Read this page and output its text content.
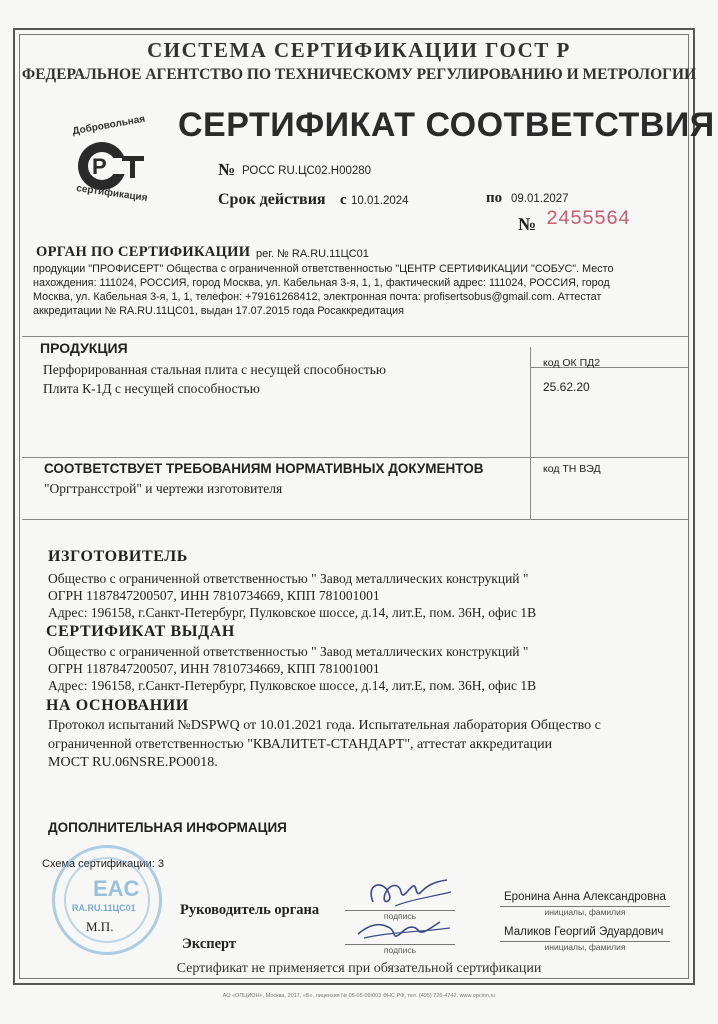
СИСТЕМА СЕРТИФИКАЦИИ ГОСТ Р
ФЕДЕРАЛЬНОЕ АГЕНТСТВО ПО ТЕХНИЧЕСКОМУ РЕГУЛИРОВАНИЮ И МЕТРОЛОГИИ
СЕРТИФИКАТ СООТВЕТСТВИЯ
Р
Добровольная
сертификация
№ РОСС RU.ЦС02.Н00280
Срок действия с 10.01.2024	по 09.01.2027
№ 2455564
ОРГАН ПО СЕРТИФИКАЦИИ рег. № RA.RU.11ЦС01
продукции "ПРОФИСЕРТ" Общества с ограниченной ответственностью "ЦЕНТР СЕРТИФИКАЦИИ "СОБУС". Место
нахождения: 111024, РОССИЯ, город Москва, ул. Кабельная 3-я, 1, 1, фактический адрес: 111024, РОССИЯ, город
Москва, ул. Кабельная 3-я, 1, 1, телефон: +79161268412, электронная почта: profisertsobus@gmail.com. Аттестат
аккредитации № RA.RU.11ЦС01, выдан 17.07.2015 года Росаккредитация
ПРОДУКЦИЯ
Перфорированная стальная плита с несущей способностью
Плита К-1Д с несущей способностью
код ОК ПД2
25.62.20
СООТВЕТСТВУЕТ ТРЕБОВАНИЯМ НОРМАТИВНЫХ ДОКУМЕНТОВ	код ТН ВЭД
"Оргтрансстрой" и чертежи изготовителя
ИЗГОТОВИТЕЛЬ
Общество с ограниченной ответственностью " Завод металлических конструкций "
ОГРН 1187847200507, ИНН 7810734669, КПП 781001001
Адрес: 196158, г.Санкт-Петербург, Пулковское шоссе, д.14, лит.Е, пом. 36Н, офис 1В
СЕРТИФИКАТ ВЫДАН
Общество с ограниченной ответственностью " Завод металлических конструкций "
ОГРН 1187847200507, ИНН 7810734669, КПП 781001001
Адрес: 196158, г.Санкт-Петербург, Пулковское шоссе, д.14, лит.Е, пом. 36Н, офис 1В
НА ОСНОВАНИИ
Протокол испытаний №DSPWQ от 10.01.2021 года. Испытательная лаборатория Общество с
ограниченной ответственностью "КВАЛИТЕТ-СТАНДАРТ", аттестат аккредитации
МОСТ RU.06NSRE.PO0018.
ДОПОЛНИТЕЛЬНАЯ ИНФОРМАЦИЯ
Схема сертификации: 3
EAC
RA.RU.11ЦС01
М.П.
Руководитель органа
Эксперт
подпись
подпись
Еронина Анна Александровна
инициалы, фамилия
Маликов Георгий Эдуардович
инициалы, фамилия
Сертификат не применяется при обязательной сертификации
АО «ОПЦИОН», Москва, 2017, «Б», лицензия № 05-05-09/003 ФНС РФ, тел. (495) 726-4742, www.opcion.ru
